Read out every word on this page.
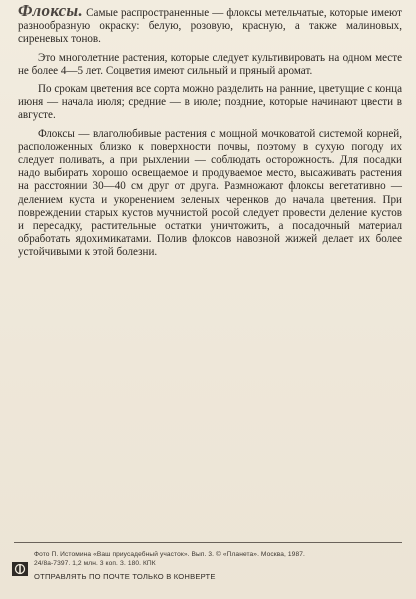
Флоксы. Самые распространенные — флоксы метельчатые, которые имеют разнообразную окраску: белую, розовую, красную, а также малиновых, сиреневых тонов.

Это многолетние растения, которые следует культивировать на одном месте не более 4—5 лет. Соцветия имеют сильный и пряный аромат.

По срокам цветения все сорта можно разделить на ранние, цветущие с конца июня — начала июля; средние — в июле; поздние, которые начинают цвести в августе.

Флоксы — влаголюбивые растения с мощной мочковатой системой корней, расположенных близко к поверхности почвы, поэтому в сухую погоду их следует поливать, а при рыхлении — соблюдать осторожность. Для посадки надо выбирать хорошо освещаемое и продуваемое место, высаживать растения на расстоянии 30—40 см друг от друга. Размножают флоксы вегетативно — делением куста и укоренением зеленых черенков до начала цветения. При повреждении старых кустов мучнистой росой следует провести деление кустов и пересадку, растительные остатки уничтожить, а посадочный материал обработать ядохимикатами. Полив флоксов навозной жижей делает их более устойчивыми к этой болезни.

Фото П. Истомина «Ваш приусадебный участок». Вып. 3. © «Планета». Москва, 1987.
24/8а-7397. 1,2 млн. 3 коп. З. 180. КПК
ОТПРАВЛЯТЬ ПО ПОЧТЕ ТОЛЬКО В КОНВЕРТЕ
